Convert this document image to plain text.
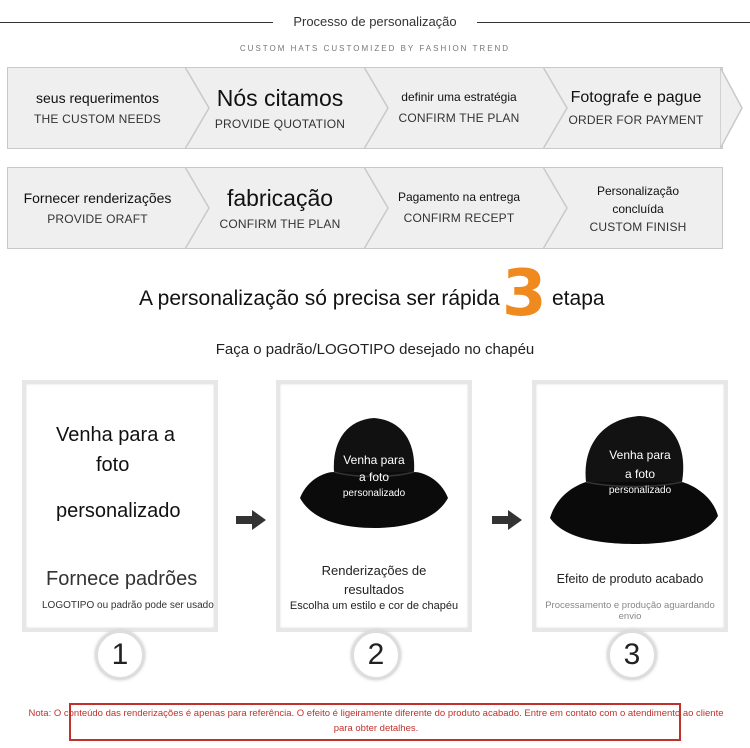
Processo de personalização
CUSTOM HATS CUSTOMIZED BY FASHION TREND
seus requerimentos
THE CUSTOM NEEDS
Nós citamos
PROVIDE QUOTATION
definir uma estratégia
CONFIRM THE PLAN
Fotografe e pague
ORDER FOR PAYMENT
Fornecer renderizações
PROVIDE ORAFT
fabricação
CONFIRM THE PLAN
Pagamento na entrega
CONFIRM RECEPT
Personalização concluída
CUSTOM FINISH
A personalização só precisa ser rápida 3 etapa
Faça o padrão/LOGOTIPO desejado no chapéu
Venha para a
foto
personalizado
Fornece padrões
LOGOTIPO ou padrão pode ser usado
Venha para
a foto
personalizado
Renderizações de resultados
Escolha um estilo e cor de chapéu
Venha para
a foto
personalizado
Efeito de produto acabado
Processamento e produção aguardando envio
1	2	3
Nota: O conteúdo das renderizações é apenas para referência. O efeito é ligeiramente diferente do produto acabado. Entre em contato com o atendimento ao cliente para obter detalhes.
